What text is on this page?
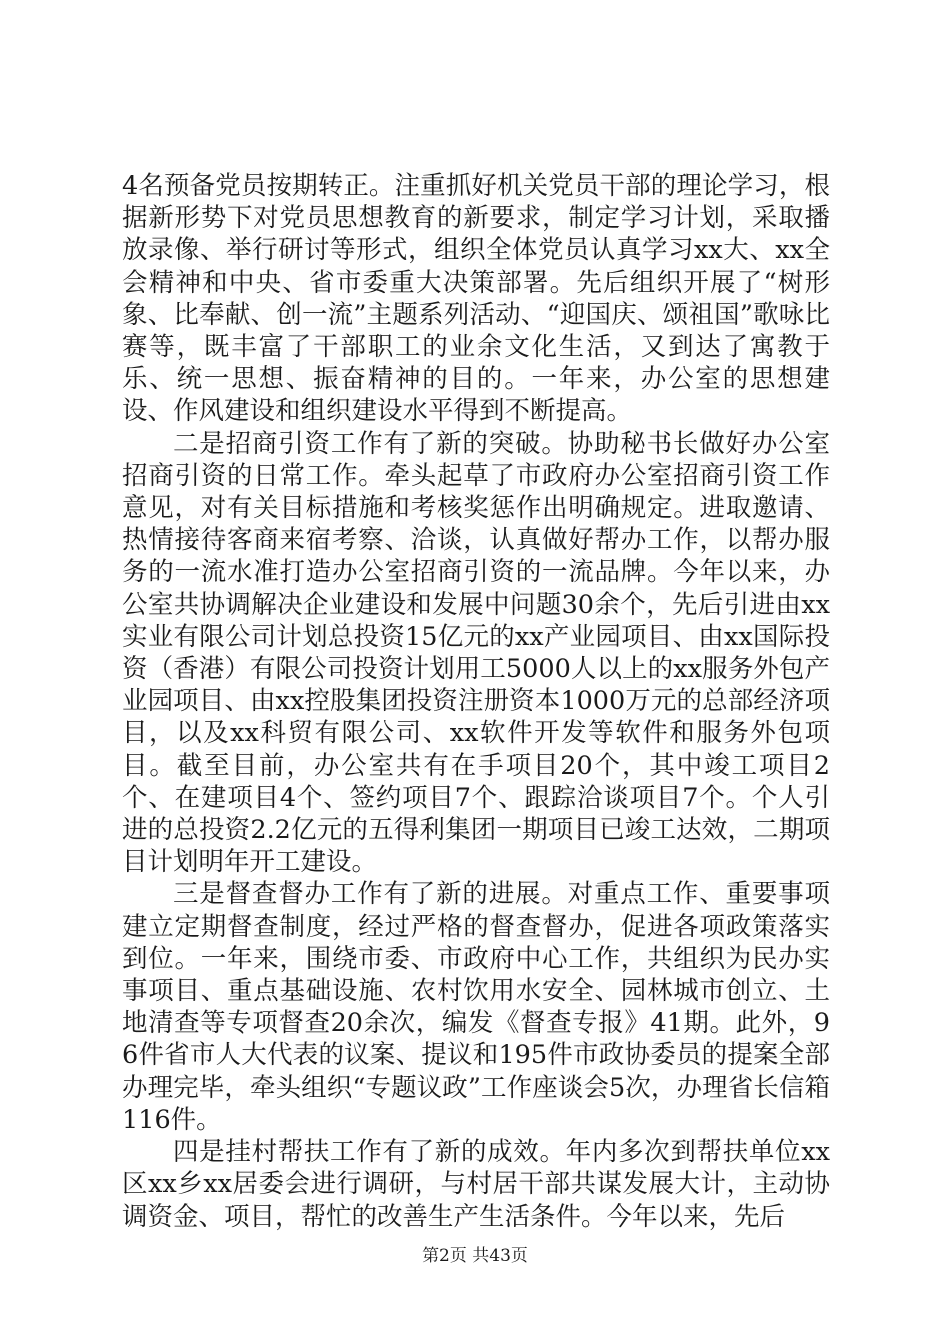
4名预备党员按期转正。注重抓好机关党员干部的理论学习，根据新形势下对党员思想教育的新要求，制定学习计划，采取播放录像、举行研讨等形式，组织全体党员认真学习xx大、xx全会精神和中央、省市委重大决策部署。先后组织开展了“树形象、比奉献、创一流”主题系列活动、“迎国庆、颂祖国”歌咏比赛等，既丰富了干部职工的业余文化生活，又到达了寓教于乐、统一思想、振奋精神的目的。一年来，办公室的思想建设、作风建设和组织建设水平得到不断提高。

二是招商引资工作有了新的突破。协助秘书长做好办公室招商引资的日常工作。牵头起草了市政府办公室招商引资工作意见，对有关目标措施和考核奖惩作出明确规定。进取邀请、热情接待客商来宿考察、洽谈，认真做好帮办工作，以帮办服务的一流水准打造办公室招商引资的一流品牌。今年以来，办公室共协调解决企业建设和发展中问题30余个，先后引进由xx实业有限公司计划总投资15亿元的xx产业园项目、由xx国际投资（香港）有限公司投资计划用工5000人以上的xx服务外包产业园项目、由xx控股集团投资注册资本1000万元的总部经济项目，以及xx科贸有限公司、xx软件开发等软件和服务外包项目。截至目前，办公室共有在手项目20个，其中竣工项目2个、在建项目4个、签约项目7个、跟踪洽谈项目7个。个人引进的总投资2.2亿元的五得利集团一期项目已竣工达效，二期项目计划明年开工建设。

三是督查督办工作有了新的进展。对重点工作、重要事项建立定期督查制度，经过严格的督查督办，促进各项政策落实到位。一年来，围绕市委、市政府中心工作，共组织为民办实事项目、重点基础设施、农村饮用水安全、园林城市创立、土地清查等专项督查20余次，编发《督查专报》41期。此外，96件省市人大代表的议案、提议和195件市政协委员的提案全部办理完毕，牵头组织“专题议政”工作座谈会5次，办理省长信箱116件。

四是挂村帮扶工作有了新的成效。年内多次到帮扶单位xx区xx乡xx居委会进行调研，与村居干部共谋发展大计，主动协调资金、项目，帮忙的改善生产生活条件。今年以来，先后

第2页 共43页
